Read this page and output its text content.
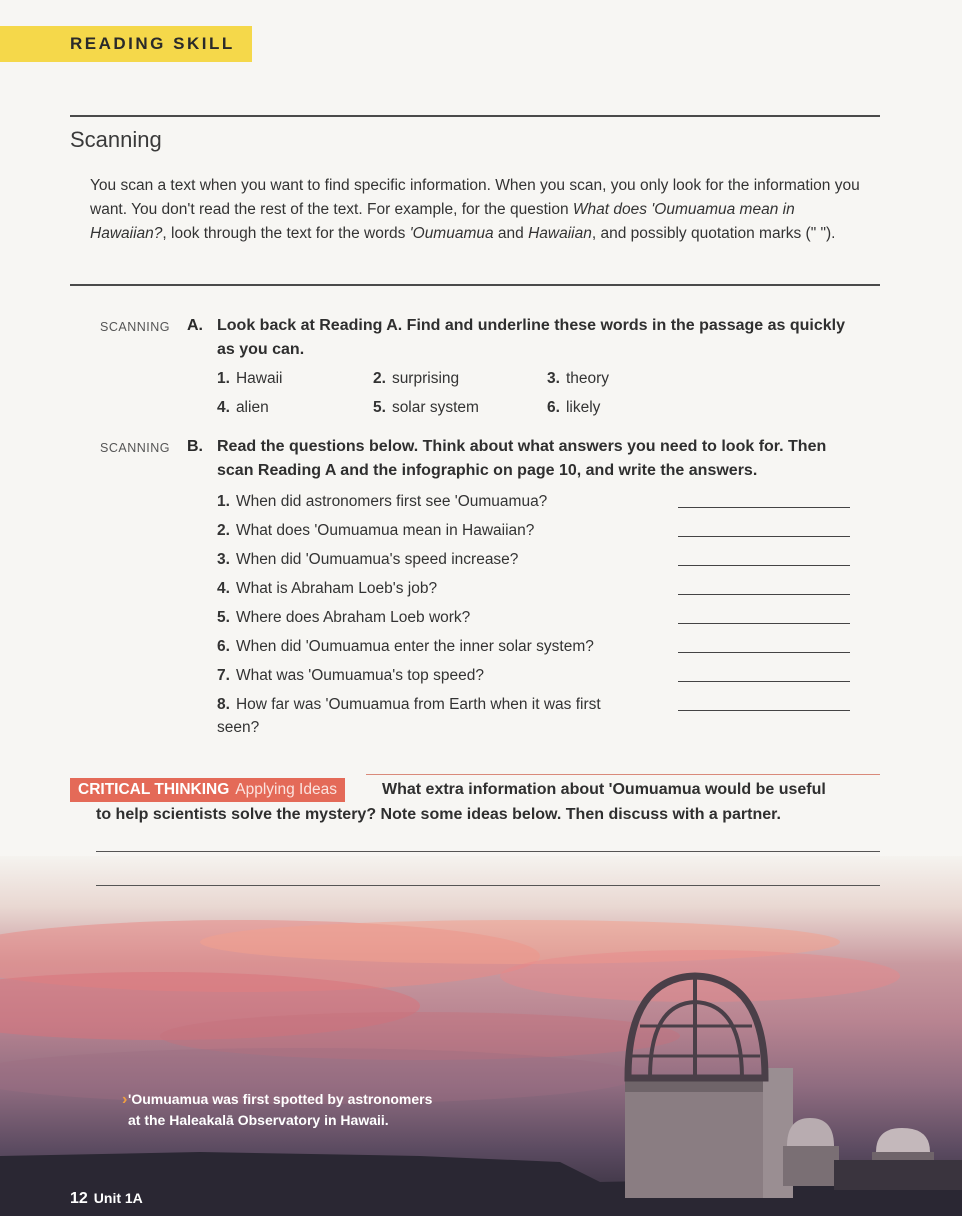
READING SKILL
Scanning
You scan a text when you want to find specific information. When you scan, you only look for the information you want. You don't read the rest of the text. For example, for the question What does 'Oumuamua mean in Hawaiian?, look through the text for the words 'Oumuamua and Hawaiian, and possibly quotation marks (" ").
SCANNING A. Look back at Reading A. Find and underline these words in the passage as quickly as you can.
1. Hawaii	2. surprising	3. theory
4. alien	5. solar system	6. likely
SCANNING B. Read the questions below. Think about what answers you need to look for. Then scan Reading A and the infographic on page 10, and write the answers.
1. When did astronomers first see 'Oumuamua?
2. What does 'Oumuamua mean in Hawaiian?
3. When did 'Oumuamua's speed increase?
4. What is Abraham Loeb's job?
5. Where does Abraham Loeb work?
6. When did 'Oumuamua enter the inner solar system?
7. What was 'Oumuamua's top speed?
8. How far was 'Oumuamua from Earth when it was first seen?
CRITICAL THINKING Applying Ideas	What extra information about 'Oumuamua would be useful
to help scientists solve the mystery? Note some ideas below. Then discuss with a partner.
› 'Oumuamua was first spotted by astronomers
at the Haleakalā Observatory in Hawaii.
12 Unit 1A
